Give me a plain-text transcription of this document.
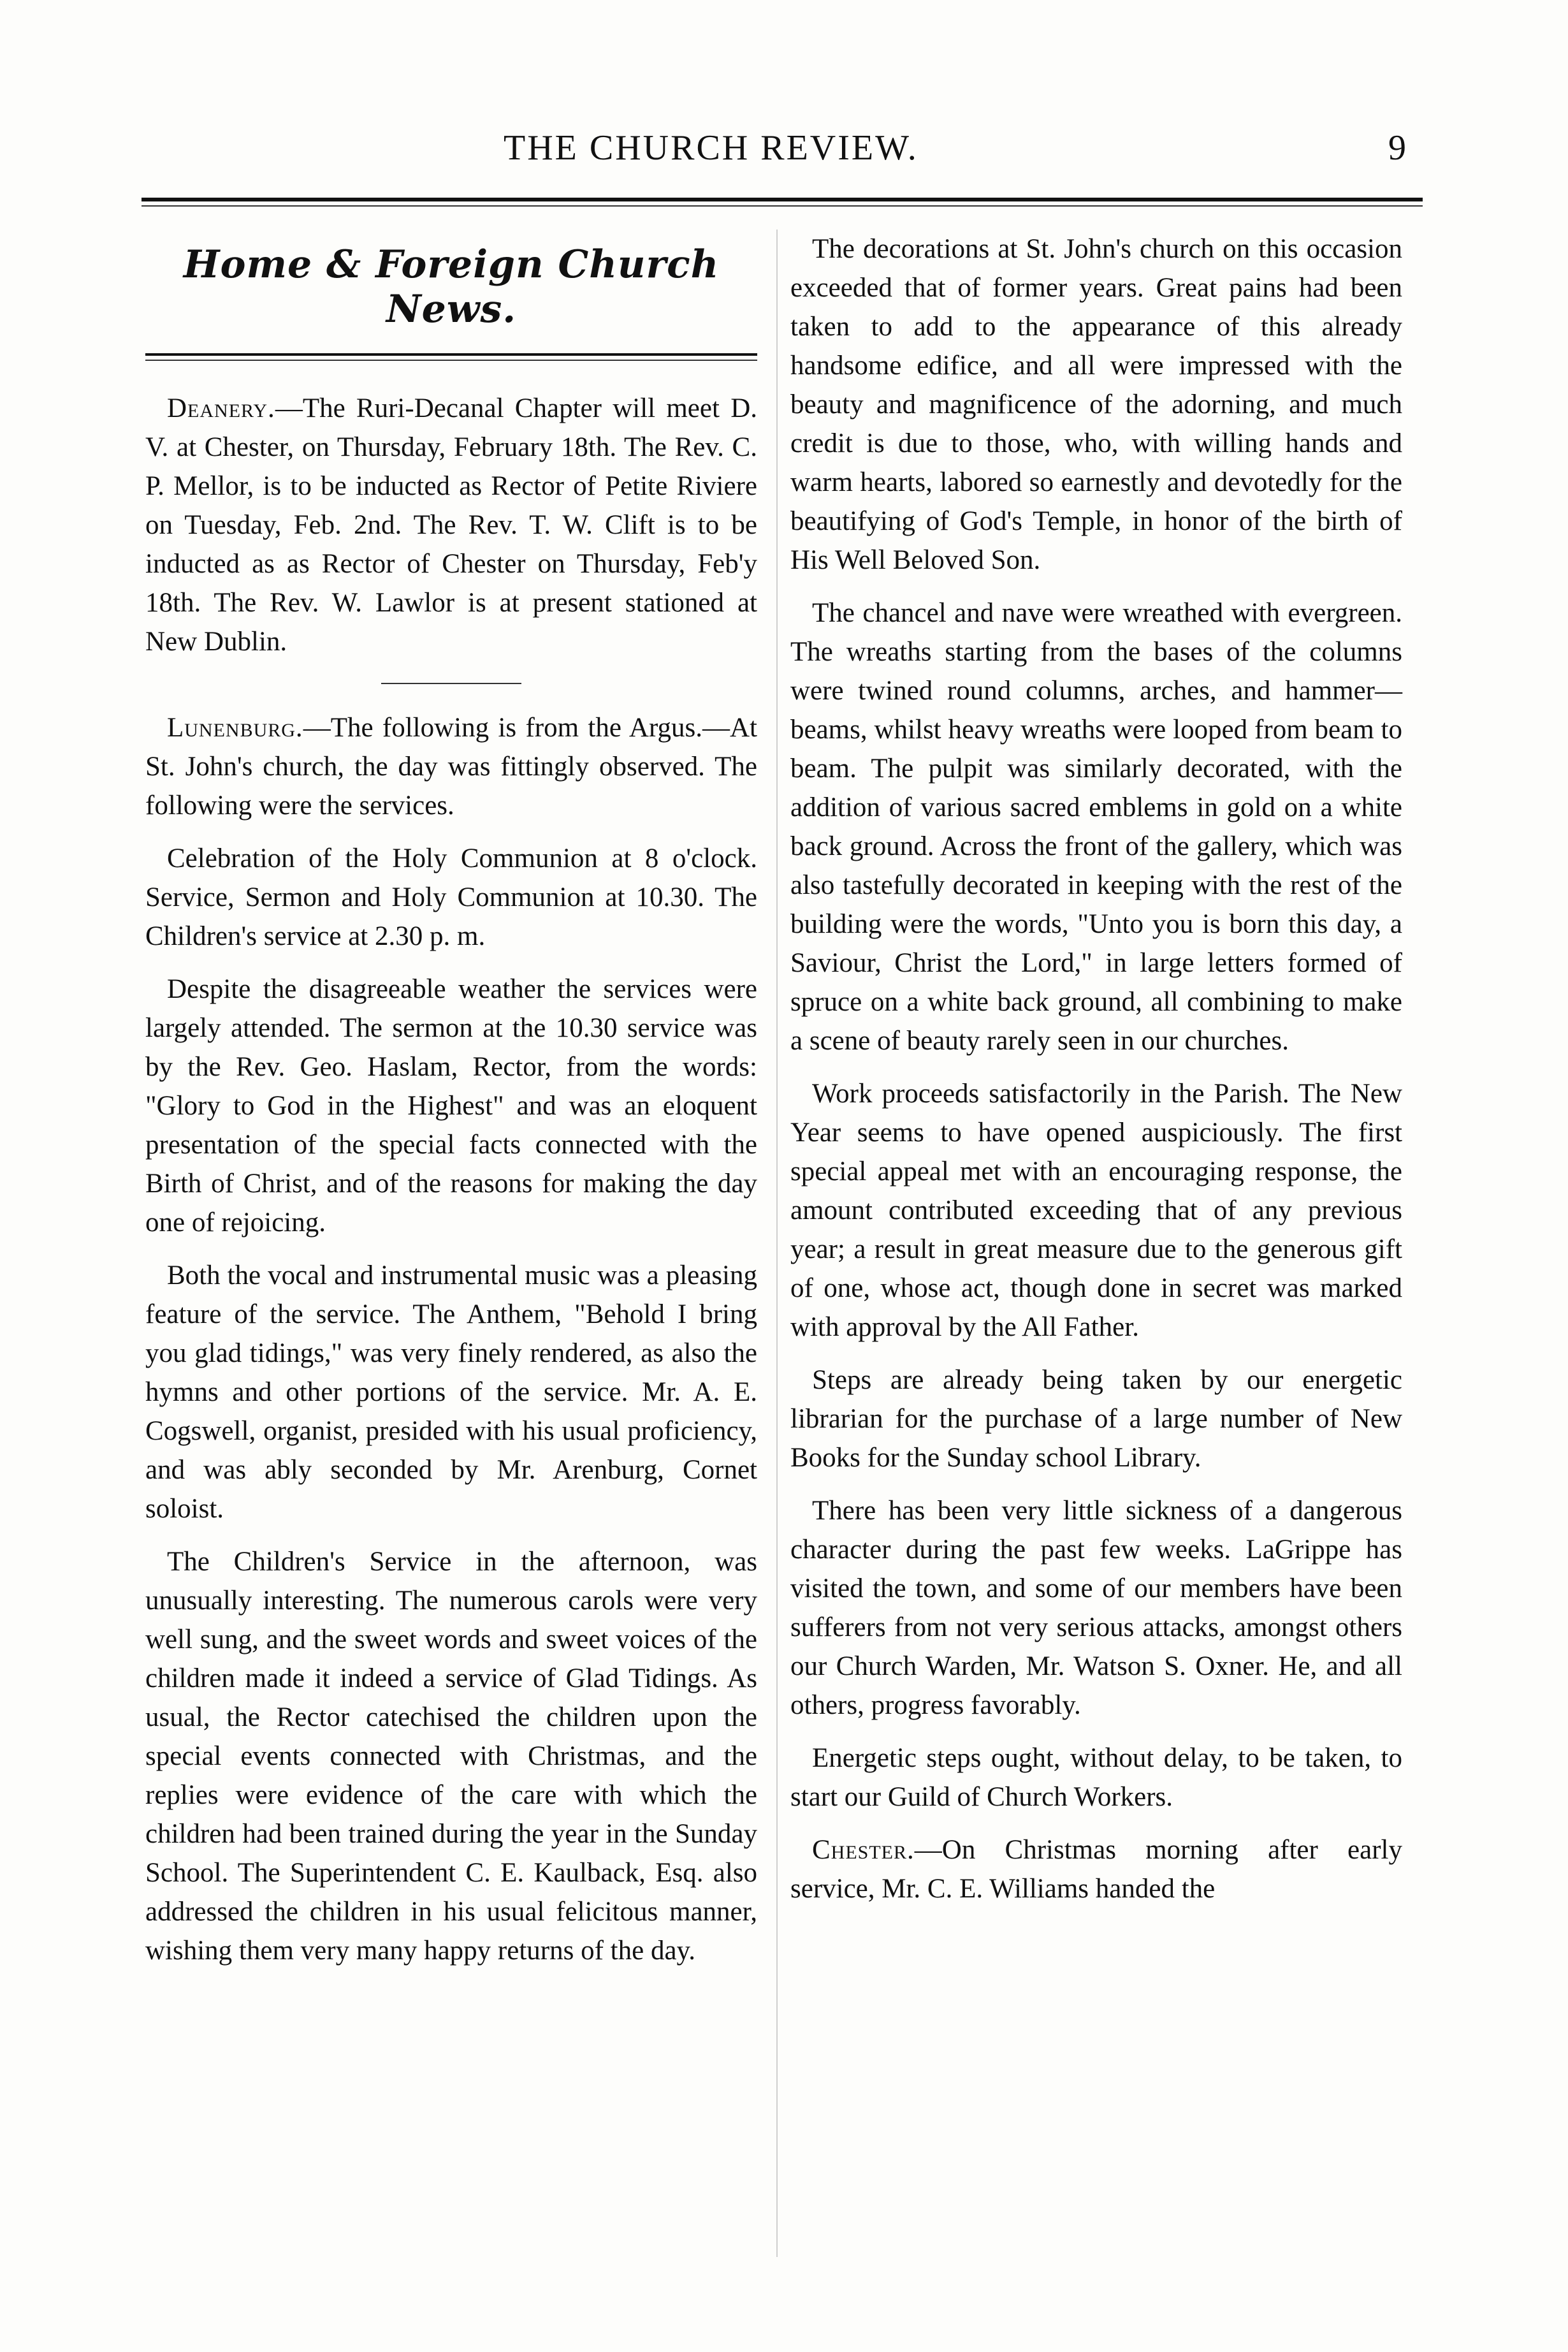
THE CHURCH REVIEW.	9
Home & Foreign Church News.

Deanery.—The Ruri-Decanal Chapter will meet D. V. at Chester, on Thursday, February 18th. The Rev. C. P. Mellor, is to be inducted as Rector of Petite Riviere on Tuesday, Feb. 2nd. The Rev. T. W. Clift is to be inducted as as Rector of Chester on Thursday, Feb'y 18th. The Rev. W. Lawlor is at present stationed at New Dublin.

Lunenburg.—The following is from the Argus.—At St. John's church, the day was fittingly observed. The following were the services.

Celebration of the Holy Communion at 8 o'clock. Service, Sermon and Holy Communion at 10.30. The Children's service at 2.30 p. m.

Despite the disagreeable weather the services were largely attended. The sermon at the 10.30 service was by the Rev. Geo. Haslam, Rector, from the words: "Glory to God in the Highest" and was an eloquent presentation of the special facts connected with the Birth of Christ, and of the reasons for making the day one of rejoicing.

Both the vocal and instrumental music was a pleasing feature of the service. The Anthem, "Behold I bring you glad tidings," was very finely rendered, as also the hymns and other portions of the service. Mr. A. E. Cogswell, organist, presided with his usual proficiency, and was ably seconded by Mr. Arenburg, Cornet soloist.

The Children's Service in the afternoon, was unusually interesting. The numerous carols were very well sung, and the sweet words and sweet voices of the children made it indeed a service of Glad Tidings. As usual, the Rector catechised the children upon the special events connected with Christmas, and the replies were evidence of the care with which the children had been trained during the year in the Sunday School. The Superintendent C. E. Kaulback, Esq. also addressed the children in his usual felicitous manner, wishing them very many happy returns of the day.

The decorations at St. John's church on this occasion exceeded that of former years. Great pains had been taken to add to the appearance of this already handsome edifice, and all were impressed with the beauty and magnificence of the adorning, and much credit is due to those, who, with willing hands and warm hearts, labored so earnestly and devotedly for the beautifying of God's Temple, in honor of the birth of His Well Beloved Son.

The chancel and nave were wreathed with evergreen. The wreaths starting from the bases of the columns were twined round columns, arches, and hammer—beams, whilst heavy wreaths were looped from beam to beam. The pulpit was similarly decorated, with the addition of various sacred emblems in gold on a white back ground. Across the front of the gallery, which was also tastefully decorated in keeping with the rest of the building were the words, "Unto you is born this day, a Saviour, Christ the Lord," in large letters formed of spruce on a white back ground, all combining to make a scene of beauty rarely seen in our churches.

Work proceeds satisfactorily in the Parish. The New Year seems to have opened auspiciously. The first special appeal met with an encouraging response, the amount contributed exceeding that of any previous year; a result in great measure due to the generous gift of one, whose act, though done in secret was marked with approval by the All Father.

Steps are already being taken by our energetic librarian for the purchase of a large number of New Books for the Sunday school Library.

There has been very little sickness of a dangerous character during the past few weeks. LaGrippe has visited the town, and some of our members have been sufferers from not very serious attacks, amongst others our Church Warden, Mr. Watson S. Oxner. He, and all others, progress favorably.

Energetic steps ought, without delay, to be taken, to start our Guild of Church Workers.

Chester.—On Christmas morning after early service, Mr. C. E. Williams handed the
